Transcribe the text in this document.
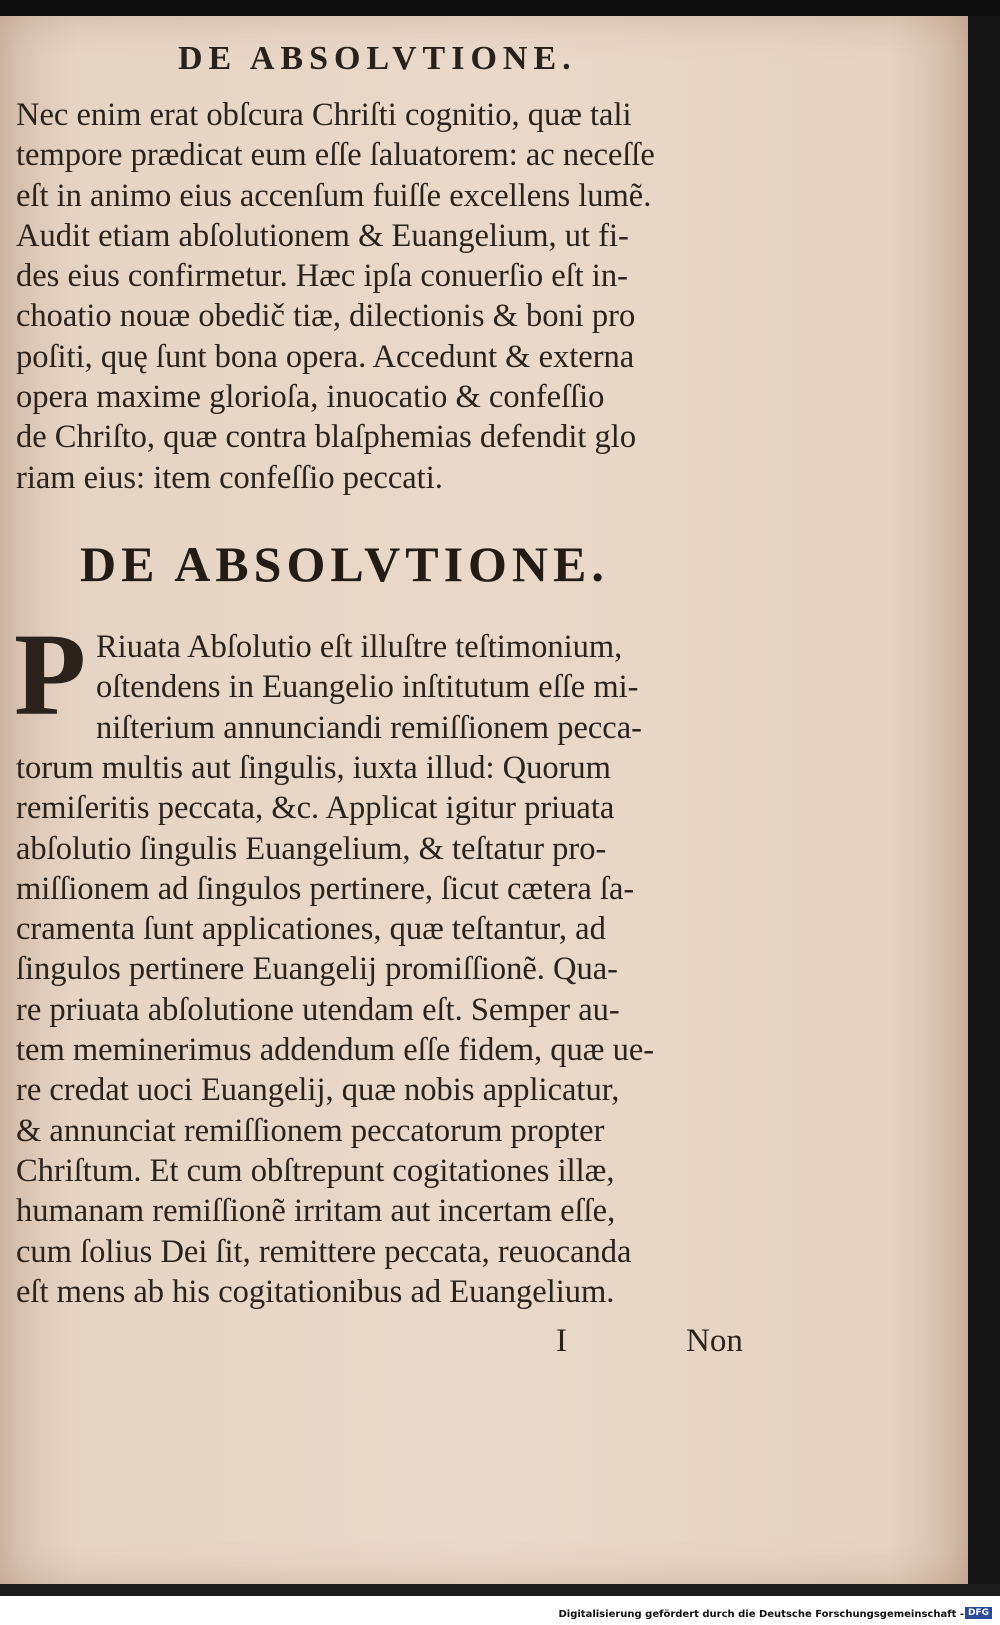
DE ABSOLVTIONE.
Nec enim erat obſcura Chriſti cognitio, quæ tali
tempore prædicat eum eſſe ſaluatorem: ac neceſſe
eſt in animo eius accenſum fuiſſe excellens lumẽ.
Audit etiam abſolutionem & Euangelium, ut fi-
des eius confirmetur. Hæc ipſa conuerſio eſt in-
choatio nouæ obedič tiæ, dilectionis & boni pro
poſiti, quę ſunt bona opera. Accedunt & externa
opera maxime glorioſa, inuocatio & confeſſio
de Chriſto, quæ contra blaſphemias defendit glo
riam eius: item confeſſio peccati.
DE ABSOLVTIONE.
P Riuata Abſolutio eſt illuſtre teſtimonium,
oſtendens in Euangelio inſtitutum eſſe mi-
niſterium annunciandi remiſſionem pecca-
torum multis aut ſingulis, iuxta illud: Quorum
remiſeritis peccata, &c. Applicat igitur priuata
abſolutio ſingulis Euangelium, & teſtatur pro-
miſſionem ad ſingulos pertinere, ſicut cætera ſa-
cramenta ſunt applicationes, quæ teſtantur, ad
ſingulos pertinere Euangelij promiſſionẽ. Qua-
re priuata abſolutione utendam eſt. Semper au-
tem meminerimus addendum eſſe fidem, quæ ue-
re credat uoci Euangelij, quæ nobis applicatur,
& annunciat remiſſionem peccatorum propter
Chriſtum. Et cum obſtrepunt cogitationes illæ,
humanam remiſſionẽ irritam aut incertam eſſe,
cum ſolius Dei ſit, remittere peccata, reuocanda
eſt mens ab his cogitationibus ad Euangelium.
I	Non
Digitalisierung gefördert durch die Deutsche Forschungsgemeinschaft - DFG
